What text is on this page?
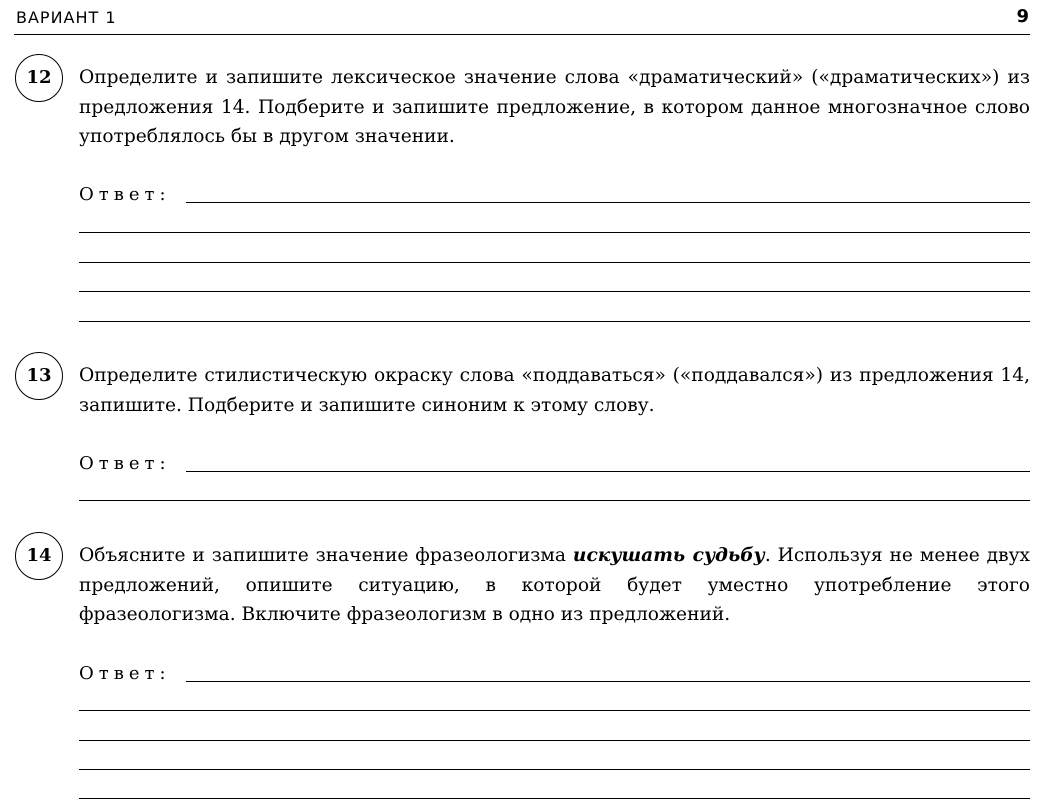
ВАРИАНТ 1	9
12	Определите и запишите лексическое значение слова «драматический» («драматических») из предложения 14. Подберите и запишите предложение, в котором данное многозначное слово употреблялось бы в другом значении.

Ответ:
13	Определите стилистическую окраску слова «поддаваться» («поддавался») из предложения 14, запишите. Подберите и запишите синоним к этому слову.

Ответ:
14	Объясните и запишите значение фразеологизма искушать судьбу. Используя не менее двух предложений, опишите ситуацию, в которой будет уместно употребление этого фразеологизма. Включите фразеологизм в одно из предложений.

Ответ:
